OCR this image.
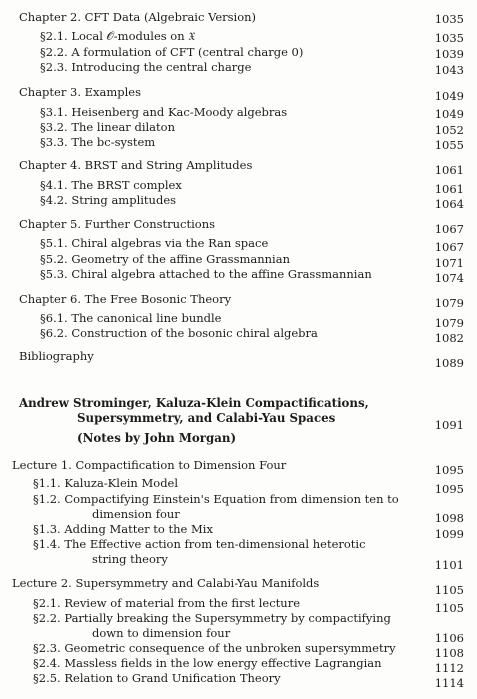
Chapter 2. CFT Data (Algebraic Version)	1035
§2.1. Local 𝒪-modules on 𝔛	1035
§2.2. A formulation of CFT (central charge 0)	1039
§2.3. Introducing the central charge	1043
Chapter 3. Examples	1049
§3.1. Heisenberg and Kac-Moody algebras	1049
§3.2. The linear dilaton	1052
§3.3. The bc-system	1055
Chapter 4. BRST and String Amplitudes	1061
§4.1. The BRST complex	1061
§4.2. String amplitudes	1064
Chapter 5. Further Constructions	1067
§5.1. Chiral algebras via the Ran space	1067
§5.2. Geometry of the affine Grassmannian	1071
§5.3. Chiral algebra attached to the affine Grassmannian	1074
Chapter 6. The Free Bosonic Theory	1079
§6.1. The canonical line bundle	1079
§6.2. Construction of the bosonic chiral algebra	1082
Bibliography	1089
Andrew Strominger, Kaluza-Klein Compactifications,
Supersymmetry, and Calabi-Yau Spaces	1091
(Notes by John Morgan)
Lecture 1. Compactification to Dimension Four	1095
§1.1. Kaluza-Klein Model	1095
§1.2. Compactifying Einstein's Equation from dimension ten to
dimension four	1098
§1.3. Adding Matter to the Mix	1099
§1.4. The Effective action from ten-dimensional heterotic
string theory	1101
Lecture 2. Supersymmetry and Calabi-Yau Manifolds	1105
§2.1. Review of material from the first lecture	1105
§2.2. Partially breaking the Supersymmetry by compactifying
down to dimension four	1106
§2.3. Geometric consequence of the unbroken supersymmetry	1108
§2.4. Massless fields in the low energy effective Lagrangian	1112
§2.5. Relation to Grand Unification Theory	1114
